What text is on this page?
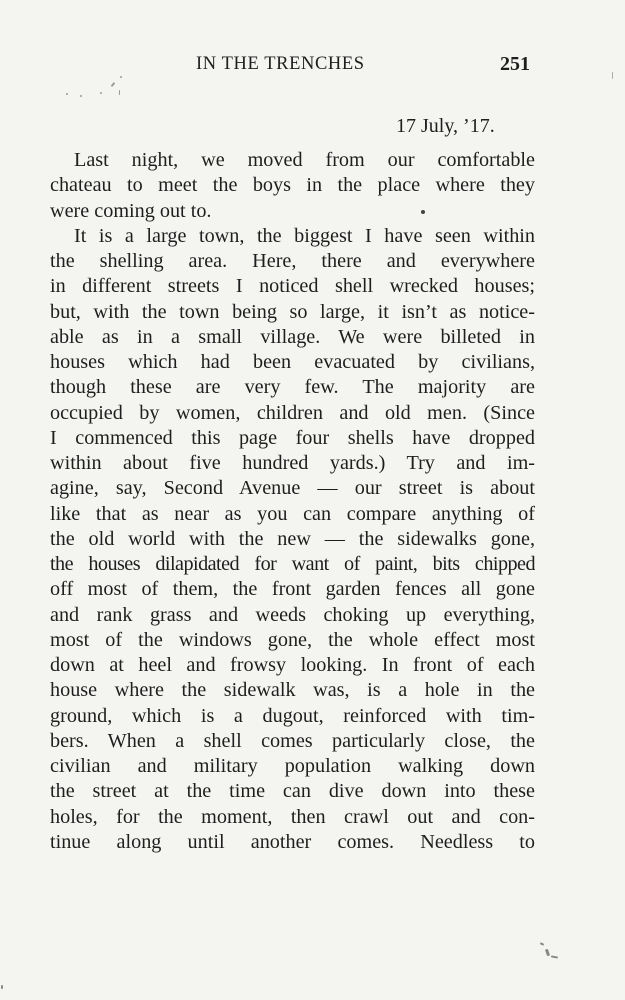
IN THE TRENCHES	251
17 July, ’17.
Last night, we moved from our comfortable
chateau to meet the boys in the place where they
were coming out to.
It is a large town, the biggest I have seen within
the shelling area. Here, there and everywhere
in different streets I noticed shell wrecked houses;
but, with the town being so large, it isn’t as notice-
able as in a small village. We were billeted in
houses which had been evacuated by civilians,
though these are very few. The majority are
occupied by women, children and old men. (Since
I commenced this page four shells have dropped
within about five hundred yards.) Try and im-
agine, say, Second Avenue — our street is about
like that as near as you can compare anything of
the old world with the new — the sidewalks gone,
the houses dilapidated for want of paint, bits chipped
off most of them, the front garden fences all gone
and rank grass and weeds choking up everything,
most of the windows gone, the whole effect most
down at heel and frowsy looking. In front of each
house where the sidewalk was, is a hole in the
ground, which is a dugout, reinforced with tim-
bers. When a shell comes particularly close, the
civilian and military population walking down
the street at the time can dive down into these
holes, for the moment, then crawl out and con-
tinue along until another comes. Needless to
